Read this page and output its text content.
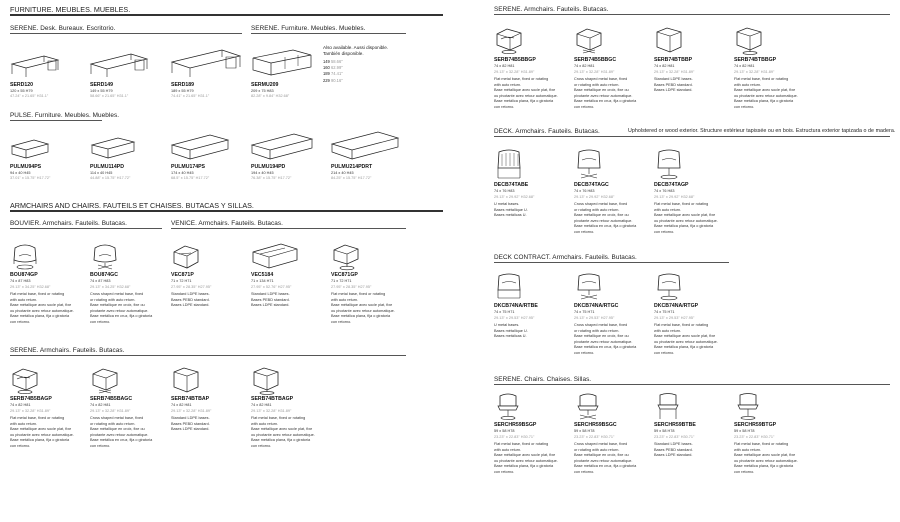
FURNITURE. MEUBLES. MUEBLES.
SERENE. Desk. Bureaux. Escritorio.
SERD120
120 x 55 H79
47.24" x 21.65" H31.1"
SERD149
149 x 55 H79
58.66" x 21.65" H31.1"
SERD189
189 x 55 H79
74.41" x 21.65" H31.1"
SERENE. Furniture. Meubles. Muebles.
SERMU209
209 x 75 H83
82.28" x 9.84" H32.68"
Also available. Aussi disponible.
También disponible.
149 58.66"
160 62.99"
189 74.41"
229 90.16"
PULSE. Furniture. Meubles. Muebles.
PULMU94PS
94 x 40 H45
37.01" x 15.75" H17.72"
PULMU114PD
114 x 40 H45
44.88" x 15.75" H17.72"
PULMU174PS
174 x 40 H45
68.5" x 15.75" H17.72"
PULMU194PD
194 x 40 H45
76.38" x 15.75" H17.72"
PULMU214PDRT
214 x 40 H45
84.25" x 15.75" H17.72"
ARMCHAIRS AND CHAIRS. FAUTEILS ET CHAISES. BUTACAS Y SILLAS.
BOUVIER. Armchairs. Fauteils. Butacas.
BOU874GP
74 x 87 H83
29.13" x 34.25" H32.68"
Flat metal base, fixed or rotating
with auto return.
Base métallique avec socle plat, fixe
ou pivotante avec retour automatique.
Base metálica plana, fija o giratoria
con retorno.
BOU874GC
74 x 87 H83
29.13" x 34.25" H32.68"
Cross shaped metal base, fixed
or rotating with auto return.
Base métallique en croix, fixe ou
pivotante avec retour automatique.
Base metálica en cruz, fija o giratoria
con retorno.
VENICE. Armchairs. Fauteils. Butacas.
VEC871P
71 x 72 H71
27.95" x 28.35" H27.95"
Standard LDPE bases.
Bases PEBD standard.
Bases LDPE standard.
VEC5184
71 x 134 H71
27.95" x 52.76" H27.95"
Standard LDPE bases.
Bases PEBD standard.
Bases LDPE standard.
VEC871GP
71 x 72 H71
27.95" x 28.35" H27.95"
Flat metal base, fixed or rotating
with auto return.
Base métallique avec socle plat, fixe
ou pivotante avec retour automatique.
Base metálica plana, fija o giratoria
con retorno.
SERENE. Armchairs. Fauteils. Butacas.
SERB74B5BAGP
74 x 82 H81
29.13" x 32.28" H31.89"
Flat metal base, fixed or rotating
with auto return.
Base métallique avec socle plat, fixe
ou pivotante avec retour automatique.
Base metálica plana, fija o giratoria
con retorno.
SERB74B5BAGC
74 x 82 H81
29.13" x 32.28" H31.89"
Cross shaped metal base, fixed
or rotating with auto return.
Base métallique en croix, fixe ou
pivotante avec retour automatique.
Base metálica en cruz, fija o giratoria
con retorno.
SERB74BTBAP
74 x 82 H81
29.13" x 32.28" H31.89"
Standard LDPE bases.
Bases PEBD standard.
Bases LDPE standard.
SERB74BTBAGP
74 x 82 H81
29.13" x 32.28" H31.89"
Flat metal base, fixed or rotating
with auto return.
Base métallique avec socle plat, fixe
ou pivotante avec retour automatique.
Base metálica plana, fija o giratoria
con retorno.
SERENE. Armchairs. Fauteils. Butacas.
SERB74B5BBGP
74 x 82 H81
29.13" x 32.28" H31.89"
Flat metal base, fixed or rotating
with auto return.
Base métallique avec socle plat, fixe
ou pivotante avec retour automatique.
Base metálica plana, fija o giratoria
con retorno.
SERB74B5BBGC
74 x 82 H81
29.13" x 32.28" H31.89"
Cross shaped metal base, fixed
or rotating with auto return.
Base métallique en croix, fixe ou
pivotante avec retour automatique.
Base metálica en cruz, fija o giratoria
con retorno.
SERB74BTBBP
74 x 82 H81
29.13" x 32.28" H31.89"
Standard LDPE bases.
Bases PEBD standard.
Bases LDPE standard.
SERB74BTBBGP
74 x 82 H81
29.13" x 32.28" H31.89"
Flat metal base, fixed or rotating
with auto return.
Base métallique avec socle plat, fixe
ou pivotante avec retour automatique.
Base metálica plana, fija o giratoria
con retorno.
DECK. Armchairs. Fauteils. Butacas.	Upholstered or wood exterior. Structure extérieur tapissée ou en bois. Estructura exterior tapizada o de madera.
DECB74TABE
74 x 76 H83
29.13" x 29.92" H32.68"
U metal bases.
Bases métallique U.
Bases metálicas U.
DECB74TAGC
74 x 76 H83
29.13" x 29.92" H32.68"
Cross shaped metal base, fixed
or rotating with auto return.
Base métallique en croix, fixe ou
pivotante avec retour automatique.
Base metálica en cruz, fija o giratoria
con retorno.
DECB74TAGP
74 x 76 H83
29.13" x 29.92" H32.68"
Flat metal base, fixed or rotating
with auto return.
Base métallique avec socle plat, fixe
ou pivotante avec retour automatique.
Base metálica plana, fija o giratoria
con retorno.
DECK CONTRACT. Armchairs. Fauteils. Butacas.
DKCB74NA/RTBE
74 x 75 H71
29.13" x 29.53" H27.95"
U metal bases.
Bases métallique U.
Bases metálicas U.
DKCB74NA/RTGC
74 x 75 H71
29.13" x 29.53" H27.95"
Cross shaped metal base, fixed
or rotating with auto return.
Base métallique en croix, fixe ou
pivotante avec retour automatique.
Base metálica en cruz, fija o giratoria
con retorno.
DKCB74NA/RTGP
74 x 75 H71
29.13" x 29.53" H27.95"
Flat metal base, fixed or rotating
with auto return.
Base métallique avec socle plat, fixe
ou pivotante avec retour automatique.
Base metálica plana, fija o giratoria
con retorno.
SERENE. Chairs. Chaises. Sillas.
SERCHR59BSGP
59 x 58 H78
23.23" x 22.83" H30.71"
Flat metal base, fixed or rotating
with auto return.
Base métallique avec socle plat, fixe
ou pivotante avec retour automatique.
Base metálica plana, fija o giratoria
con retorno.
SERCHR59BSGC
59 x 58 H78
23.23" x 22.83" H30.71"
Cross shaped metal base, fixed
or rotating with auto return.
Base métallique en croix, fixe ou
pivotante avec retour automatique.
Base metálica en cruz, fija o giratoria
con retorno.
SERCHR59BTBE
59 x 58 H78
23.23" x 22.83" H30.71"
Standard LDPE bases.
Bases PEBD standard.
Bases LDPE standard.
SERCHR59BTGP
59 x 58 H78
23.23" x 22.83" H30.71"
Flat metal base, fixed or rotating
with auto return.
Base métallique avec socle plat, fixe
ou pivotante avec retour automatique.
Base metálica plana, fija o giratoria
con retorno.
